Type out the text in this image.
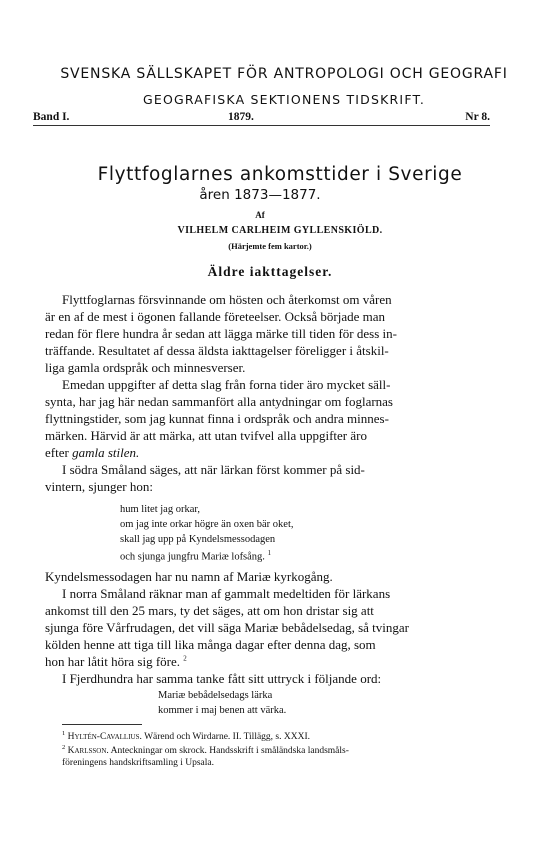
SVENSKA SÄLLSKAPET FÖR ANTROPOLOGI OCH GEOGRAFI
GEOGRAFISKA SEKTIONENS TIDSKRIFT.
Band I.	1879.	Nr 8.
Flyttfoglarnes ankomsttider i Sverige
åren 1873—1877.
Af
VILHELM CARLHEIM GYLLENSKIÖLD.
(Härjemte fem kartor.)
Äldre iakttagelser.
Flyttfoglarnas försvinnande om hösten och återkomst om våren
är en af de mest i ögonen fallande företeelser. Också började man
redan för flere hundra år sedan att lägga märke till tiden för dess in-
träffande. Resultatet af dessa äldsta iakttagelser föreligger i åtskil-
liga gamla ordspråk och minnesverser.
Emedan uppgifter af detta slag från forna tider äro mycket säll-
synta, har jag här nedan sammanfört alla antydningar om foglarnas
flyttningstider, som jag kunnat finna i ordspråk och andra minnes-
märken. Härvid är att märka, att utan tvifvel alla uppgifter äro
efter gamla stilen.
I södra Småland säges, att när lärkan först kommer på sid-
vintern, sjunger hon:
hum litet jag orkar,
om jag inte orkar högre än oxen bär oket,
skall jag upp på Kyndelsmessodagen
och sjunga jungfru Mariæ lofsång. $^1$
Kyndelsmessodagen har nu namn af Mariæ kyrkogång.
I norra Småland räknar man af gammalt medeltiden för lärkans
ankomst till den 25 mars, ty det säges, att om hon dristar sig att
sjunga före Vårfrudagen, det vill säga Mariæ bebådelsedag, så tvingar
kölden henne att tiga till lika många dagar efter denna dag, som
hon har låtit höra sig före. $^2$
I Fjerdhundra har samma tanke fått sitt uttryck i följande ord:
Mariæ bebådelsedags lärka
kommer i maj benen att värka.
$^1$ Hyltén-Cavallius. Wärend och Wirdarne. II. Tillägg, s. XXXI.
$^2$ Karlsson. Anteckningar om skrock. Handsskrift i småländska landsmåls-
föreningens handskriftsamling i Upsala.
